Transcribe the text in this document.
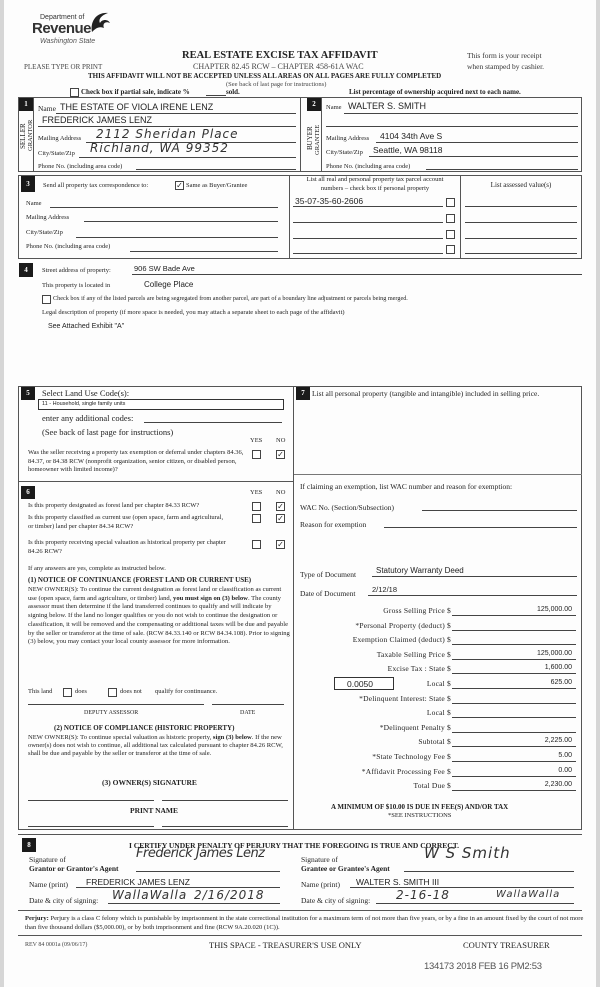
Department of
Revenue
Washington State
PLEASE TYPE OR PRINT
REAL ESTATE EXCISE TAX AFFIDAVIT
CHAPTER 82.45 RCW – CHAPTER 458-61A WAC
This form is your receipt
when stamped by cashier.
THIS AFFIDAVIT WILL NOT BE ACCEPTED UNLESS ALL AREAS ON ALL PAGES ARE FULLY COMPLETED
(See back of last page for instructions)
Check box if partial sale, indicate %	sold.	List percentage of ownership acquired next to each name.
1
SELLER GRANTOR
Name THE ESTATE OF VIOLA IRENE LENZ
FREDERICK JAMES LENZ
Mailing Address 2112 Sheridan Place
City/State/Zip Richland, WA 99352
Phone No. (including area code)
2
BUYER GRANTEE
Name WALTER S. SMITH
Mailing Address 4104 34th Ave S
City/State/Zip Seattle, WA 98118
Phone No. (including area code)
3	Send all property tax correspondence to:	✓ Same as Buyer/Grantee
Name
Mailing Address
City/State/Zip
Phone No. (including area code)
List all real and personal property tax parcel account
numbers – check box if personal property	List assessed value(s)
35-07-35-60-2606
4	Street address of property:	906 SW Bade Ave
This property is located in	College Place
Check box if any of the listed parcels are being segregated from another parcel, are part of a boundary line adjustment or parcels being merged.
Legal description of property (if more space is needed, you may attach a separate sheet to each page of the affidavit)
See Attached Exhibit "A"
5	Select Land Use Code(s):
11 - Household, single family units
enter any additional codes:
(See back of last page for instructions)
YES NO
Was the seller receiving a property tax exemption or deferral under chapters 84.36, 84.37, or 84.38 RCW (nonprofit organization, senior citizen, or disabled person, homeowner with limited income)?
✓
6	YES NO
Is this property designated as forest land per chapter 84.33 RCW?	✓
Is this property classified as current use (open space, farm and agricultural, or timber) land per chapter 84.34 RCW?
✓
Is this property receiving special valuation as historical property per chapter 84.26 RCW?
✓
If any answers are yes, complete as instructed below.
(1) NOTICE OF CONTINUANCE (FOREST LAND OR CURRENT USE)
NEW OWNER(S): To continue the current designation as forest land or classification as current use (open space, farm and agriculture, or timber) land, you must sign on (3) below. The county assessor must then determine if the land transferred continues to qualify and will indicate by signing below. If the land no longer qualifies or you do not wish to continue the designation or classification, it will be removed and the compensating or additional taxes will be due and payable by the seller or transferor at the time of sale. (RCW 84.33.140 or RCW 84.34.108). Prior to signing (3) below, you may contact your local county assessor for more information.
This land	does	does not qualify for continuance.
DEPUTY ASSESSOR	DATE
(2) NOTICE OF COMPLIANCE (HISTORIC PROPERTY)
NEW OWNER(S): To continue special valuation as historic property, sign (3) below. If the new owner(s) does not wish to continue, all additional tax calculated pursuant to chapter 84.26 RCW, shall be due and payable by the seller or transferor at the time of sale.
(3) OWNER(S) SIGNATURE
PRINT NAME
7 List all personal property (tangible and intangible) included in selling price.
If claiming an exemption, list WAC number and reason for exemption:
WAC No. (Section/Subsection)
Reason for exemption
Type of Document Statutory Warranty Deed
Date of Document 2/12/18
0.0050
Gross Selling Price $	125,000.00
*Personal Property (deduct) $
Exemption Claimed (deduct) $
Taxable Selling Price $	125,000.00
Excise Tax : State $	1,600.00
Local $	625.00
*Delinquent Interest: State $
Local $
*Delinquent Penalty $
Subtotal $	2,225.00
*State Technology Fee $	5.00
*Affidavit Processing Fee $	0.00
Total Due $	2,230.00
A MINIMUM OF $10.00 IS DUE IN FEE(S) AND/OR TAX
*SEE INSTRUCTIONS
8	I CERTIFY UNDER PENALTY OF PERJURY THAT THE FOREGOING IS TRUE AND CORRECT.
Signature of
Grantor or Grantor's Agent
Frederick James Lenz
Name (print) FREDERICK JAMES LENZ
Date & city of signing: WallaWalla 2/16/2018
Signature of
Grantee or Grantee's Agent
W S Smith
Name (print) WALTER S. SMITH III
Date & city of signing: 2-16-18	WallaWalla
Perjury: Perjury is a class C felony which is punishable by imprisonment in the state correctional institution for a maximum term of not more than five years, or by a fine in an amount fixed by the court of not more than five thousand dollars ($5,000.00), or by both imprisonment and fine (RCW 9A.20.020 (1C)).
REV 84 0001a (09/06/17)	THIS SPACE - TREASURER'S USE ONLY	COUNTY TREASURER
134173 2018 FEB 16 PM2:53
